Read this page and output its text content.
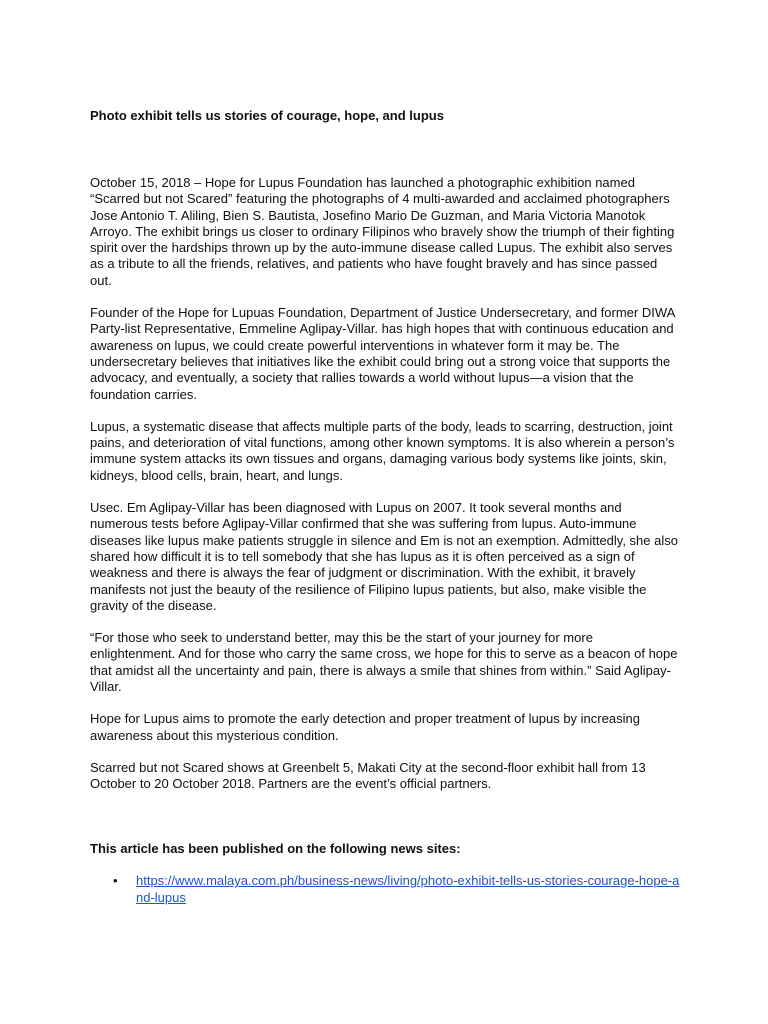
Photo exhibit tells us stories of courage, hope, and lupus

October 15, 2018 – Hope for Lupus Foundation has launched a photographic exhibition named “Scarred but not Scared” featuring the photographs of 4 multi-awarded and acclaimed photographers Jose Antonio T. Aliling, Bien S. Bautista, Josefino Mario De Guzman, and Maria Victoria Manotok Arroyo. The exhibit brings us closer to ordinary Filipinos who bravely show the triumph of their fighting spirit over the hardships thrown up by the auto-immune disease called Lupus. The exhibit also serves as a tribute to all the friends, relatives, and patients who have fought bravely and has since passed out.

Founder of the Hope for Lupuas Foundation, Department of Justice Undersecretary, and former DIWA Party-list Representative, Emmeline Aglipay-Villar. has high hopes that with continuous education and awareness on lupus, we could create powerful interventions in whatever form it may be. The undersecretary believes that initiatives like the exhibit could bring out a strong voice that supports the advocacy, and eventually, a society that rallies towards a world without lupus—a vision that the foundation carries.

Lupus, a systematic disease that affects multiple parts of the body, leads to scarring, destruction, joint pains, and deterioration of vital functions, among other known symptoms. It is also wherein a person’s immune system attacks its own tissues and organs, damaging various body systems like joints, skin, kidneys, blood cells, brain, heart, and lungs.

Usec. Em Aglipay-Villar has been diagnosed with Lupus on 2007. It took several months and numerous tests before Aglipay-Villar confirmed that she was suffering from lupus. Auto-immune diseases like lupus make patients struggle in silence and Em is not an exemption. Admittedly, she also shared how difficult it is to tell somebody that she has lupus as it is often perceived as a sign of weakness and there is always the fear of judgment or discrimination. With the exhibit, it bravely manifests not just the beauty of the resilience of Filipino lupus patients, but also, make visible the gravity of the disease.

“For those who seek to understand better, may this be the start of your journey for more enlightenment. And for those who carry the same cross, we hope for this to serve as a beacon of hope that amidst all the uncertainty and pain, there is always a smile that shines from within.” Said Aglipay-Villar.

Hope for Lupus aims to promote the early detection and proper treatment of lupus by increasing awareness about this mysterious condition.

Scarred but not Scared shows at Greenbelt 5, Makati City at the second-floor exhibit hall from 13 October to 20 October 2018. Partners are the event’s official partners.

This article has been published on the following news sites:
• https://www.malaya.com.ph/business-news/living/photo-exhibit-tells-us-stories-courage-hope-and-lupus
